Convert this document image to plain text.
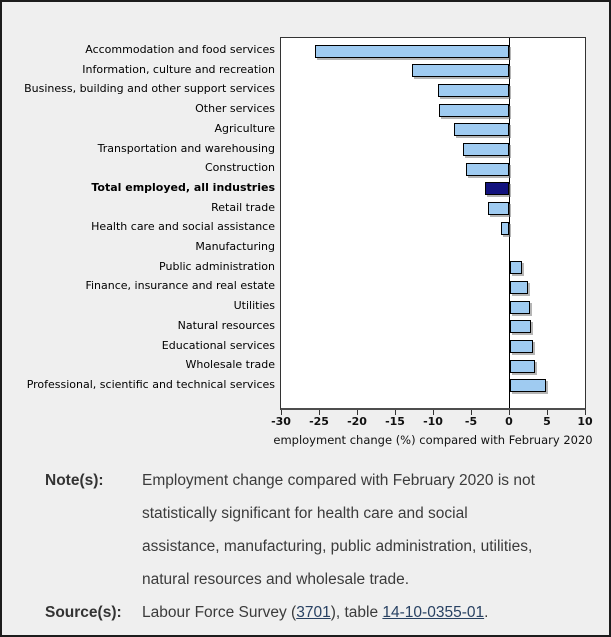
Accommodation and food services
Information, culture and recreation
Business, building and other support services
Other services
Agriculture
Transportation and warehousing
Construction
Total employed, all industries
Retail trade
Health care and social assistance
Manufacturing
Public administration
Finance, insurance and real estate
Utilities
Natural resources
Educational services
Wholesale trade
Professional, scientific and technical services
-30	-25	-20	-15	-10	-5	0	5	10
employment change (%) compared with February 2020
Note(s):	Employment change compared with February 2020 is not statistically significant for health care and social assistance, manufacturing, public administration, utilities, natural resources and wholesale trade.
Source(s):	Labour Force Survey (3701), table 14-10-0355-01.
